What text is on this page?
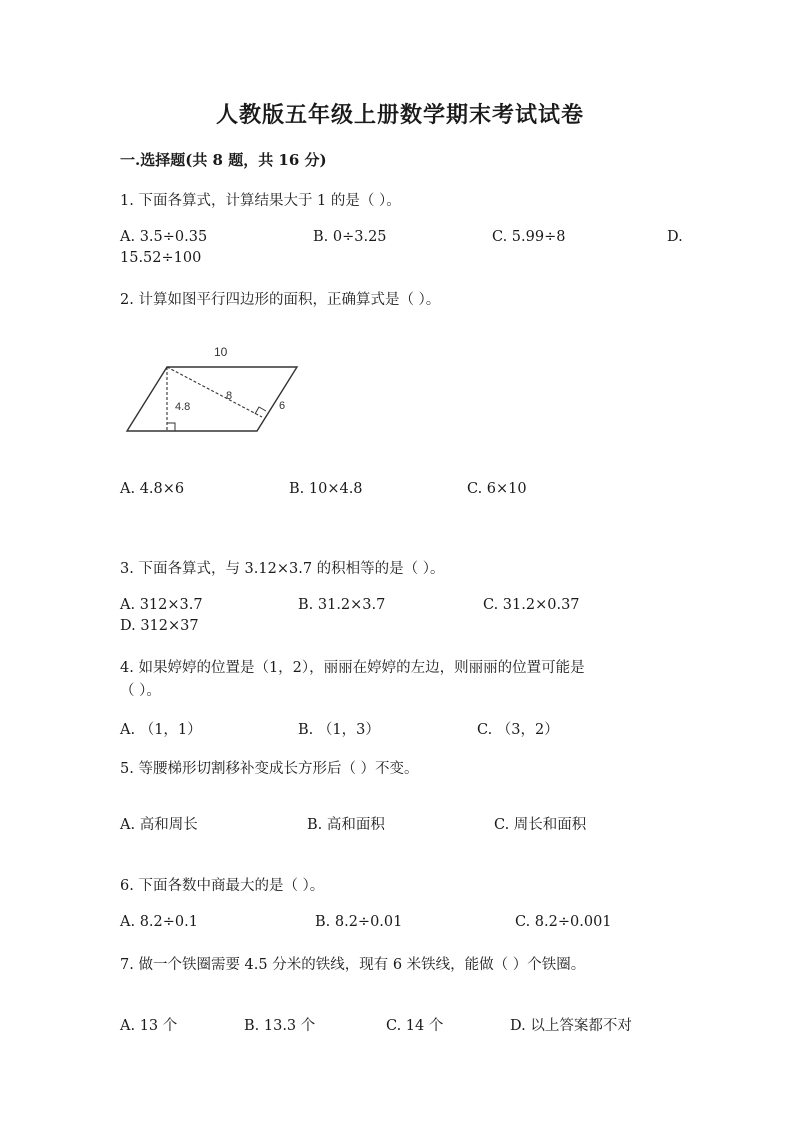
人教版五年级上册数学期末考试试卷
一.选择题(共 8 题，共 16 分)
1. 下面各算式，计算结果大于 1 的是（ ）。
A. 3.5÷0.35	B. 0÷3.25	C. 5.99÷8	D.
15.52÷100
2. 计算如图平行四边形的面积，正确算式是（ ）。
10
4.8
8
6
A. 4.8×6	B. 10×4.8	C. 6×10
3. 下面各算式，与 3.12×3.7 的积相等的是（ ）。
A. 312×3.7	B. 31.2×3.7	C. 31.2×0.37
D. 312×37
4. 如果婷婷的位置是（1，2），丽丽在婷婷的左边，则丽丽的位置可能是
（ ）。
A. （1，1）	B. （1，3）	C. （3，2）
5. 等腰梯形切割移补变成长方形后（ ）不变。
A. 高和周长	B. 高和面积	C. 周长和面积
6. 下面各数中商最大的是（ ）。
A. 8.2÷0.1	B. 8.2÷0.01	C. 8.2÷0.001
7. 做一个铁圈需要 4.5 分米的铁线，现有 6 米铁线，能做（ ）个铁圈。
A. 13 个	B. 13.3 个	C. 14 个	D. 以上答案都不对
